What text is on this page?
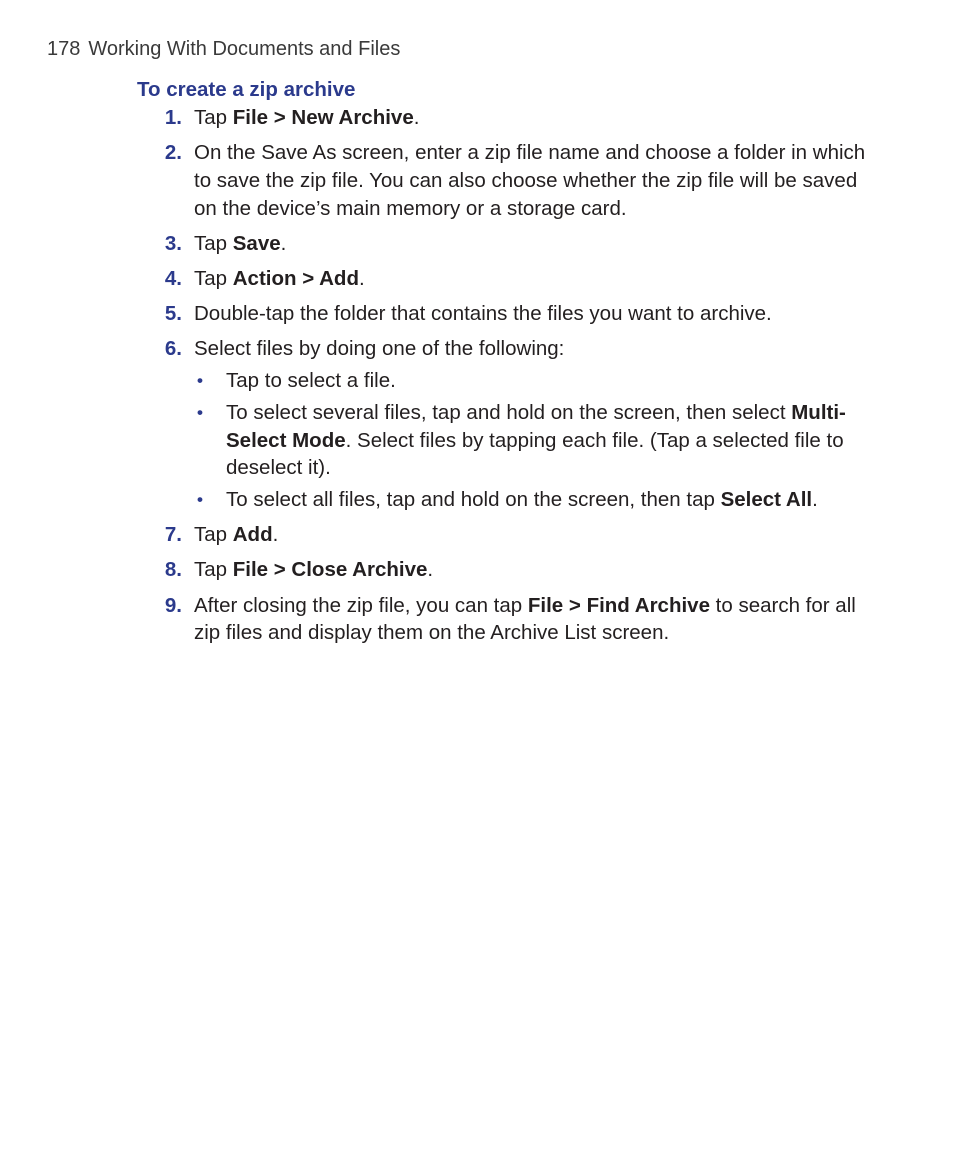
178 Working With Documents and Files
To create a zip archive
1. Tap File > New Archive.
2. On the Save As screen, enter a zip file name and choose a folder in which to save the zip file. You can also choose whether the zip file will be saved on the device’s main memory or a storage card.
3. Tap Save.
4. Tap Action > Add.
5. Double-tap the folder that contains the files you want to archive.
6. Select files by doing one of the following:
• Tap to select a file.
• To select several files, tap and hold on the screen, then select Multi-Select Mode. Select files by tapping each file. (Tap a selected file to deselect it).
• To select all files, tap and hold on the screen, then tap Select All.
7. Tap Add.
8. Tap File > Close Archive.
9. After closing the zip file, you can tap File > Find Archive to search for all zip files and display them on the Archive List screen.
